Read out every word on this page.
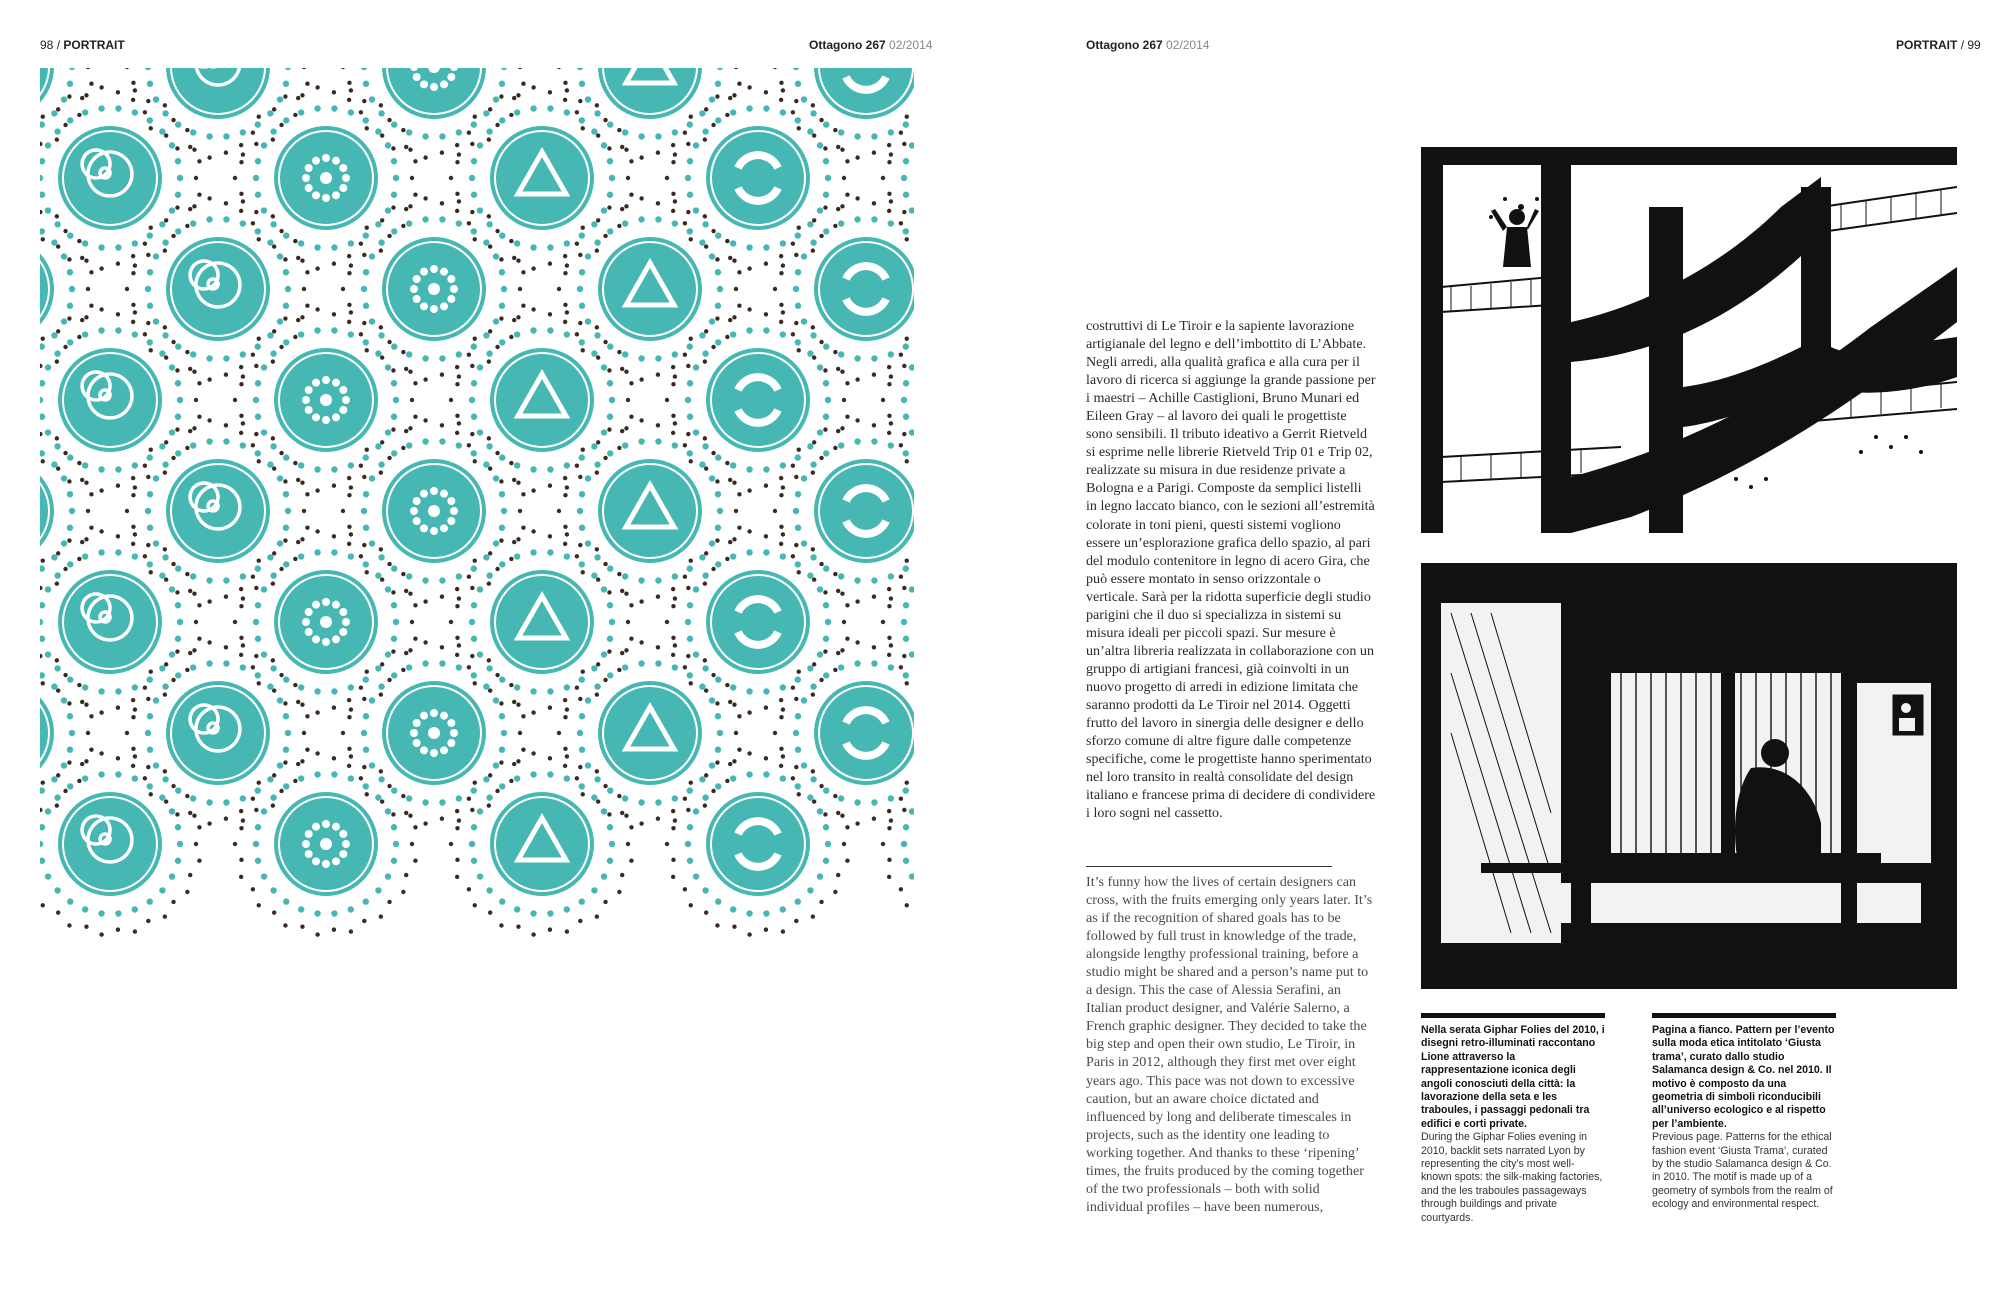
98 / PORTRAIT	Ottagono 267 02/2014	Ottagono 267 02/2014	PORTRAIT / 99

costruttivi di Le Tiroir e la sapiente lavorazione artigianale del legno e dell’imbottito di L’Abbate. Negli arredi, alla qualità grafica e alla cura per il lavoro di ricerca si aggiunge la grande passione per i maestri – Achille Castiglioni, Bruno Munari ed Eileen Gray – al lavoro dei quali le progettiste sono sensibili. Il tributo ideativo a Gerrit Rietveld si esprime nelle librerie Rietveld Trip 01 e Trip 02, realizzate su misura in due residenze private a Bologna e a Parigi. Composte da semplici listelli in legno laccato bianco, con le sezioni all’estremità colorate in toni pieni, questi sistemi vogliono essere un’esplorazione grafica dello spazio, al pari del modulo contenitore in legno di acero Gira, che può essere montato in senso orizzontale o verticale. Sarà per la ridotta superficie degli studio parigini che il duo si specializza in sistemi su misura ideali per piccoli spazi. Sur mesure è un’altra libreria realizzata in collaborazione con un gruppo di artigiani francesi, già coinvolti in un nuovo progetto di arredi in edizione limitata che saranno prodotti da Le Tiroir nel 2014. Oggetti frutto del lavoro in sinergia delle designer e dello sforzo comune di altre figure dalle competenze specifiche, come le progettiste hanno sperimentato nel loro transito in realtà consolidate del design italiano e francese prima di decidere di condividere i loro sogni nel cassetto.

It’s funny how the lives of certain designers can cross, with the fruits emerging only years later. It’s as if the recognition of shared goals has to be followed by full trust in knowledge of the trade, alongside lengthy professional training, before a studio might be shared and a person’s name put to a design. This the case of Alessia Serafini, an Italian product designer, and Valérie Salerno, a French graphic designer. They decided to take the big step and open their own studio, Le Tiroir, in Paris in 2012, although they first met over eight years ago. This pace was not down to excessive caution, but an aware choice dictated and influenced by long and deliberate timescales in projects, such as the identity one leading to working together. And thanks to these ‘ripening’ times, the fruits produced by the coming together of the two professionals – both with solid individual profiles – have been numerous,

Nella serata Giphar Folies del 2010, i disegni retro-illuminati raccontano Lione attraverso la rappresentazione iconica degli angoli conosciuti della città: la lavorazione della seta e les traboules, i passaggi pedonali tra edifici e corti private.
During the Giphar Folies evening in 2010, backlit sets narrated Lyon by representing the city’s most well-known spots: the silk-making factories, and the les traboules passageways through buildings and private courtyards.
Pagina a fianco. Pattern per l’evento sulla moda etica intitolato ‘Giusta trama’, curato dallo studio Salamanca design & Co. nel 2010. Il motivo è composto da una geometria di simboli riconducibili all’universo ecologico e al rispetto per l’ambiente.
Previous page. Patterns for the ethical fashion event ‘Giusta Trama’, curated by the studio Salamanca design & Co. in 2010. The motif is made up of a geometry of symbols from the realm of ecology and environmental respect.
